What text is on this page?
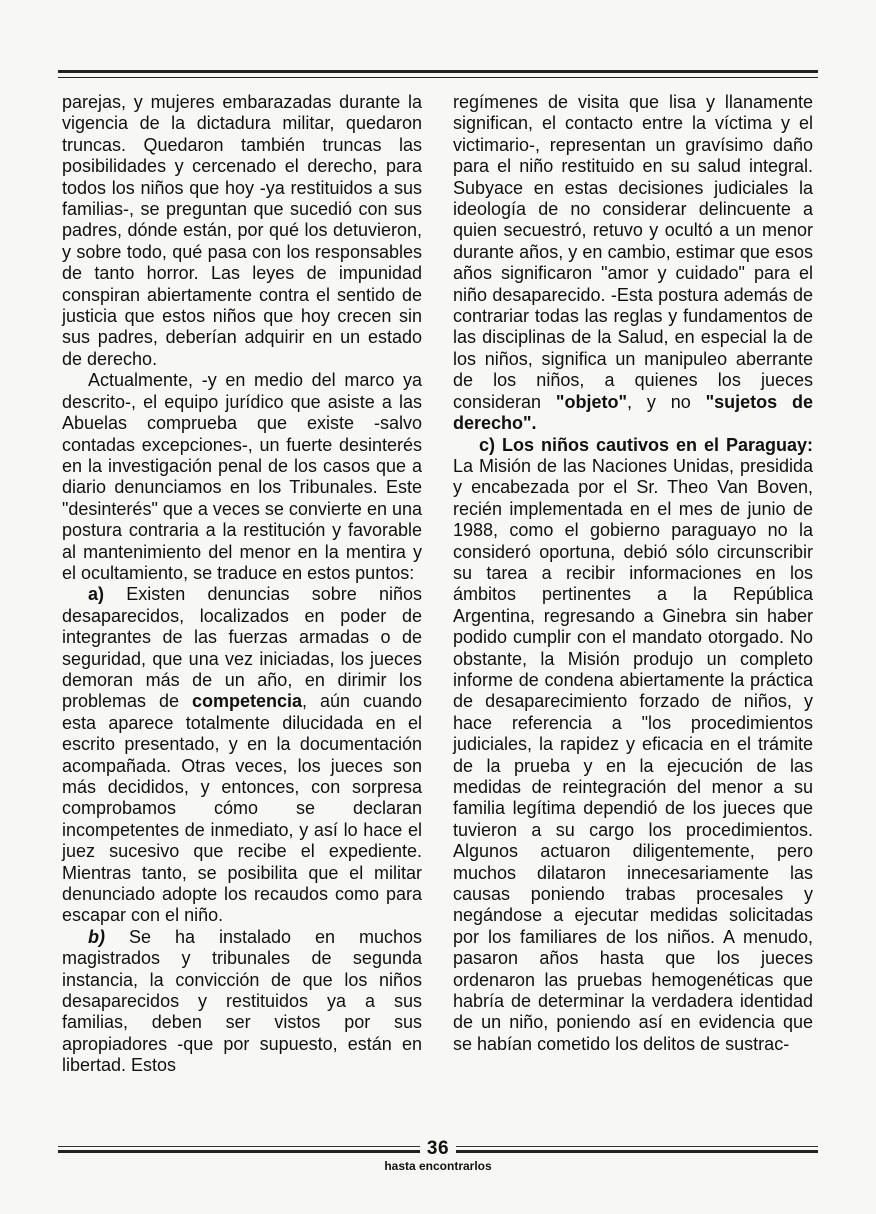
parejas, y mujeres embarazadas durante la vigencia de la dictadura militar, quedaron truncas. Quedaron también truncas las posibilidades y cercenado el derecho, para todos los niños que hoy -ya restituidos a sus familias-, se preguntan que sucedió con sus padres, dónde están, por qué los detuvieron, y sobre todo, qué pasa con los responsables de tanto horror. Las leyes de impunidad conspiran abiertamente contra el sentido de justicia que estos niños que hoy crecen sin sus padres, deberían adquirir en un estado de derecho.

Actualmente, -y en medio del marco ya descrito-, el equipo jurídico que asiste a las Abuelas comprueba que existe -salvo contadas excepciones-, un fuerte desinterés en la investigación penal de los casos que a diario denunciamos en los Tribunales. Este "desinterés" que a veces se convierte en una postura contraria a la restitución y favorable al mantenimiento del menor en la mentira y el ocultamiento, se traduce en estos puntos:

a) Existen denuncias sobre niños desaparecidos, localizados en poder de integrantes de las fuerzas armadas o de seguridad, que una vez iniciadas, los jueces demoran más de un año, en dirimir los problemas de competencia, aún cuando esta aparece totalmente dilucidada en el escrito presentado, y en la documentación acompañada. Otras veces, los jueces son más decididos, y entonces, con sorpresa comprobamos cómo se declaran incompetentes de inmediato, y así lo hace el juez sucesivo que recibe el expediente. Mientras tanto, se posibilita que el militar denunciado adopte los recaudos como para escapar con el niño.

b) Se ha instalado en muchos magistrados y tribunales de segunda instancia, la convicción de que los niños desaparecidos y restituidos ya a sus familias, deben ser vistos por sus apropiadores -que por supuesto, están en libertad. Estos

regímenes de visita que lisa y llanamente significan, el contacto entre la víctima y el victimario-, representan un gravísimo daño para el niño restituido en su salud integral. Subyace en estas decisiones judiciales la ideología de no considerar delincuente a quien secuestró, retuvo y ocultó a un menor durante años, y en cambio, estimar que esos años significaron "amor y cuidado" para el niño desaparecido. -Esta postura además de contrariar todas las reglas y fundamentos de las disciplinas de la Salud, en especial la de los niños, significa un manipuleo aberrante de los niños, a quienes los jueces consideran "objeto", y no "sujetos de derecho".

c) Los niños cautivos en el Paraguay: La Misión de las Naciones Unidas, presidida y encabezada por el Sr. Theo Van Boven, recién implementada en el mes de junio de 1988, como el gobierno paraguayo no la consideró oportuna, debió sólo circunscribir su tarea a recibir informaciones en los ámbitos pertinentes a la República Argentina, regresando a Ginebra sin haber podido cumplir con el mandato otorgado. No obstante, la Misión produjo un completo informe de condena abiertamente la práctica de desaparecimiento forzado de niños, y hace referencia a "los procedimientos judiciales, la rapidez y eficacia en el trámite de la prueba y en la ejecución de las medidas de reintegración del menor a su familia legítima dependió de los jueces que tuvieron a su cargo los procedimientos. Algunos actuaron diligentemente, pero muchos dilataron innecesariamente las causas poniendo trabas procesales y negándose a ejecutar medidas solicitadas por los familiares de los niños. A menudo, pasaron años hasta que los jueces ordenaron las pruebas hemogenéticas que habría de determinar la verdadera identidad de un niño, poniendo así en evidencia que se habían cometido los delitos de sustrac-

36
hasta encontrarlos
